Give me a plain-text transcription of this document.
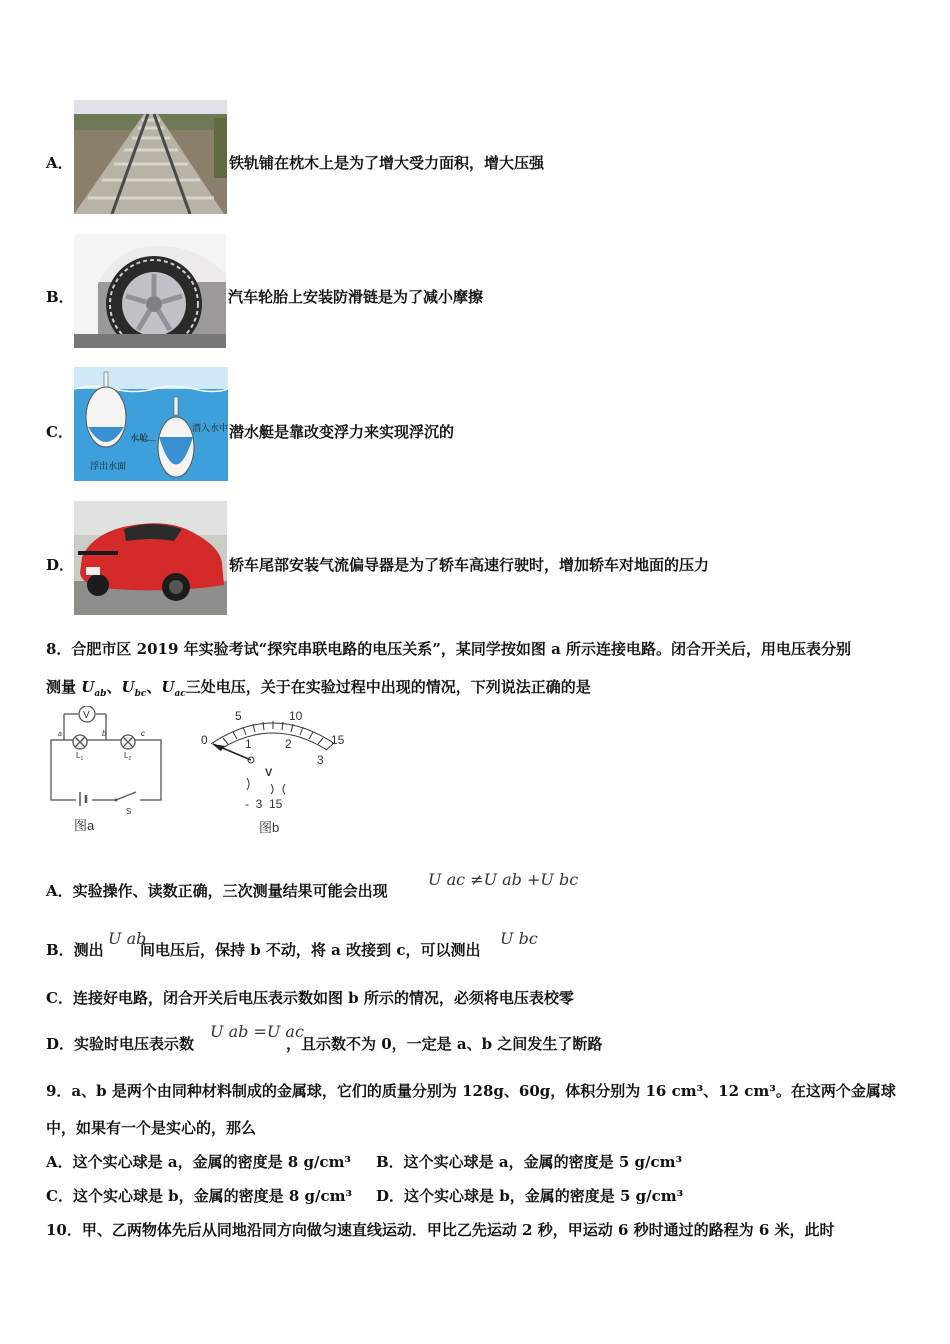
A．	铁轨铺在枕木上是为了增大受力面积，增大压强
B．	汽车轮胎上安装防滑链是为了减小摩擦
C．	水舱
潜入水中
浮出水面
潜水艇是靠改变浮力来实现浮沉的
D．	轿车尾部安装气流偏导器是为了轿车高速行驶时，增加轿车对地面的压力
8．合肥市区 2019 年实验考试“探究串联电路的电压关系”，某同学按如图 a 所示连接电路。闭合开关后，用电压表分别
测量 $U_{ab}$、$U_{bc}$、$U_{ac}$三处电压，关于在实验过程中出现的情况，下列说法正确的是
V
a	b	c
$L_1$	$L_2$
S
图a
0
5	10
15
1	2
3
V
-  3  15
图b
A．实验操作、读数正确，三次测量结果可能会出现
U ac ≠U ab +U bc
B．测出
U ab
间电压后，保持 b 不动，将 a 改接到 c，可以测出
U bc
C．连接好电路，闭合开关后电压表示数如图 b 所示的情况，必须将电压表校零
D．实验时电压表示数
U ab =U ac
，且示数不为 0，一定是 a、b 之间发生了断路
9．a、b 是两个由同种材料制成的金属球，它们的质量分别为 128g、60g，体积分别为 16 cm³、12 cm³。在这两个金属球
中，如果有一个是实心的，那么
A．这个实心球是 a，金属的密度是 8 g/cm³ B．这个实心球是 a，金属的密度是 5 g/cm³
C．这个实心球是 b，金属的密度是 8 g/cm³ D．这个实心球是 b，金属的密度是 5 g/cm³
10．甲、乙两物体先后从同地沿同方向做匀速直线运动．甲比乙先运动 2 秒，甲运动 6 秒时通过的路程为 6 米，此时
